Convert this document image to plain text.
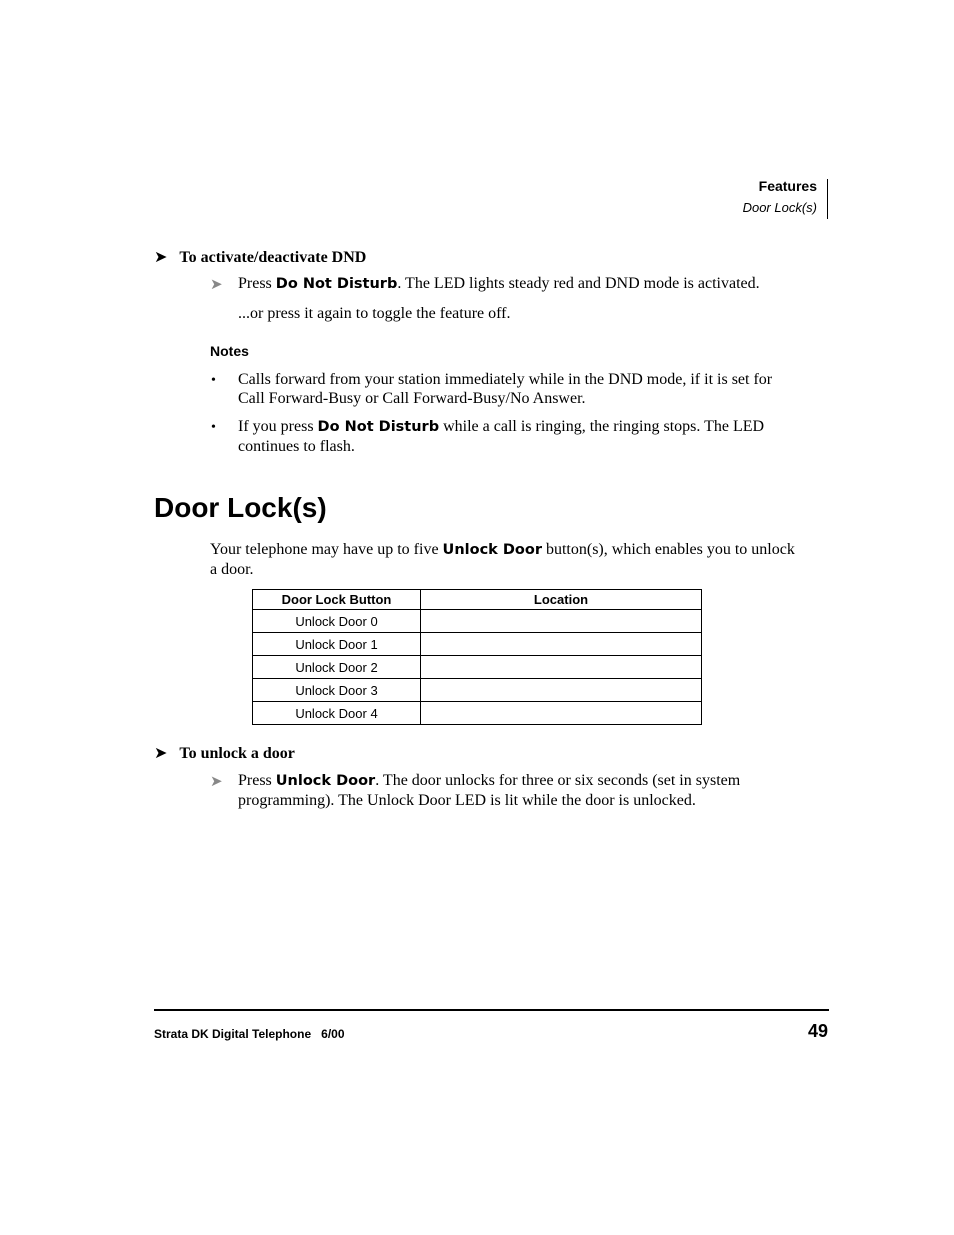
Features
Door Lock(s)
➤ To activate/deactivate DND
➤ Press Do Not Disturb. The LED lights steady red and DND mode is activated.
...or press it again to toggle the feature off.
Notes
• Calls forward from your station immediately while in the DND mode, if it is set for Call Forward-Busy or Call Forward-Busy/No Answer.
• If you press Do Not Disturb while a call is ringing, the ringing stops. The LED continues to flash.
Door Lock(s)
Your telephone may have up to five Unlock Door button(s), which enables you to unlock a door.
Door Lock Button	Location
Unlock Door 0	
Unlock Door 1	
Unlock Door 2	
Unlock Door 3	
Unlock Door 4	
➤ To unlock a door
➤ Press Unlock Door. The door unlocks for three or six seconds (set in system programming). The Unlock Door LED is lit while the door is unlocked.
Strata DK Digital Telephone 6/00	49
